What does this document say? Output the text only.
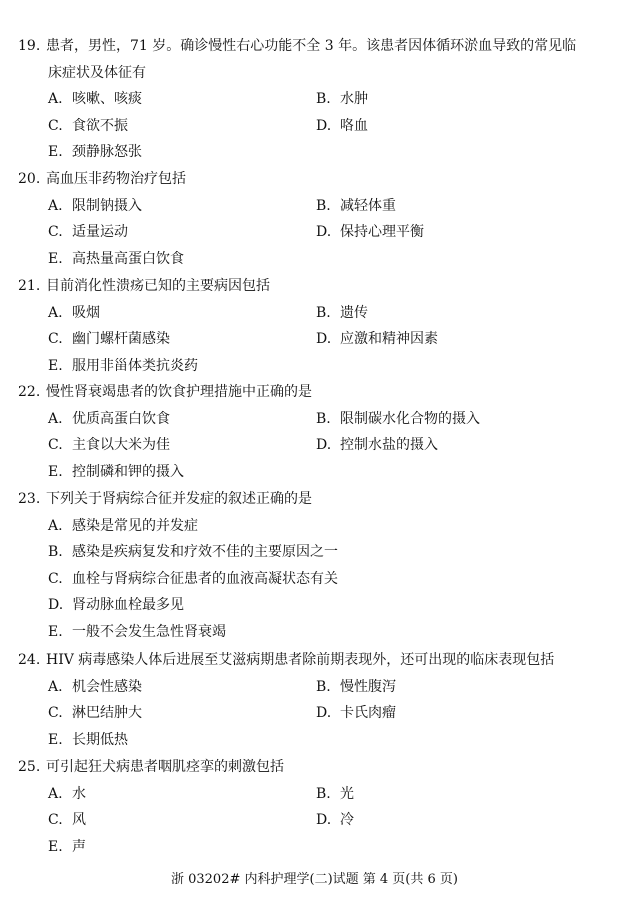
19. 患者，男性，71 岁。确诊慢性右心功能不全 3 年。该患者因体循环淤血导致的常见临
床症状及体征有
A. 咳嗽、咳痰	B. 水肿
C. 食欲不振	D. 咯血
E. 颈静脉怒张
20. 高血压非药物治疗包括
A. 限制钠摄入	B. 减轻体重
C. 适量运动	D. 保持心理平衡
E. 高热量高蛋白饮食
21. 目前消化性溃疡已知的主要病因包括
A. 吸烟	B. 遗传
C. 幽门螺杆菌感染	D. 应激和精神因素
E. 服用非甾体类抗炎药
22. 慢性肾衰竭患者的饮食护理措施中正确的是
A. 优质高蛋白饮食	B. 限制碳水化合物的摄入
C. 主食以大米为佳	D. 控制水盐的摄入
E. 控制磷和钾的摄入
23. 下列关于肾病综合征并发症的叙述正确的是
A. 感染是常见的并发症
B. 感染是疾病复发和疗效不佳的主要原因之一
C. 血栓与肾病综合征患者的血液高凝状态有关
D. 肾动脉血栓最多见
E. 一般不会发生急性肾衰竭
24. HIV 病毒感染人体后进展至艾滋病期患者除前期表现外，还可出现的临床表现包括
A. 机会性感染	B. 慢性腹泻
C. 淋巴结肿大	D. 卡氏肉瘤
E. 长期低热
25. 可引起狂犬病患者咽肌痉挛的刺激包括
A. 水	B. 光
C. 风	D. 冷
E. 声
浙 03202# 内科护理学(二)试题 第 4 页(共 6 页)
